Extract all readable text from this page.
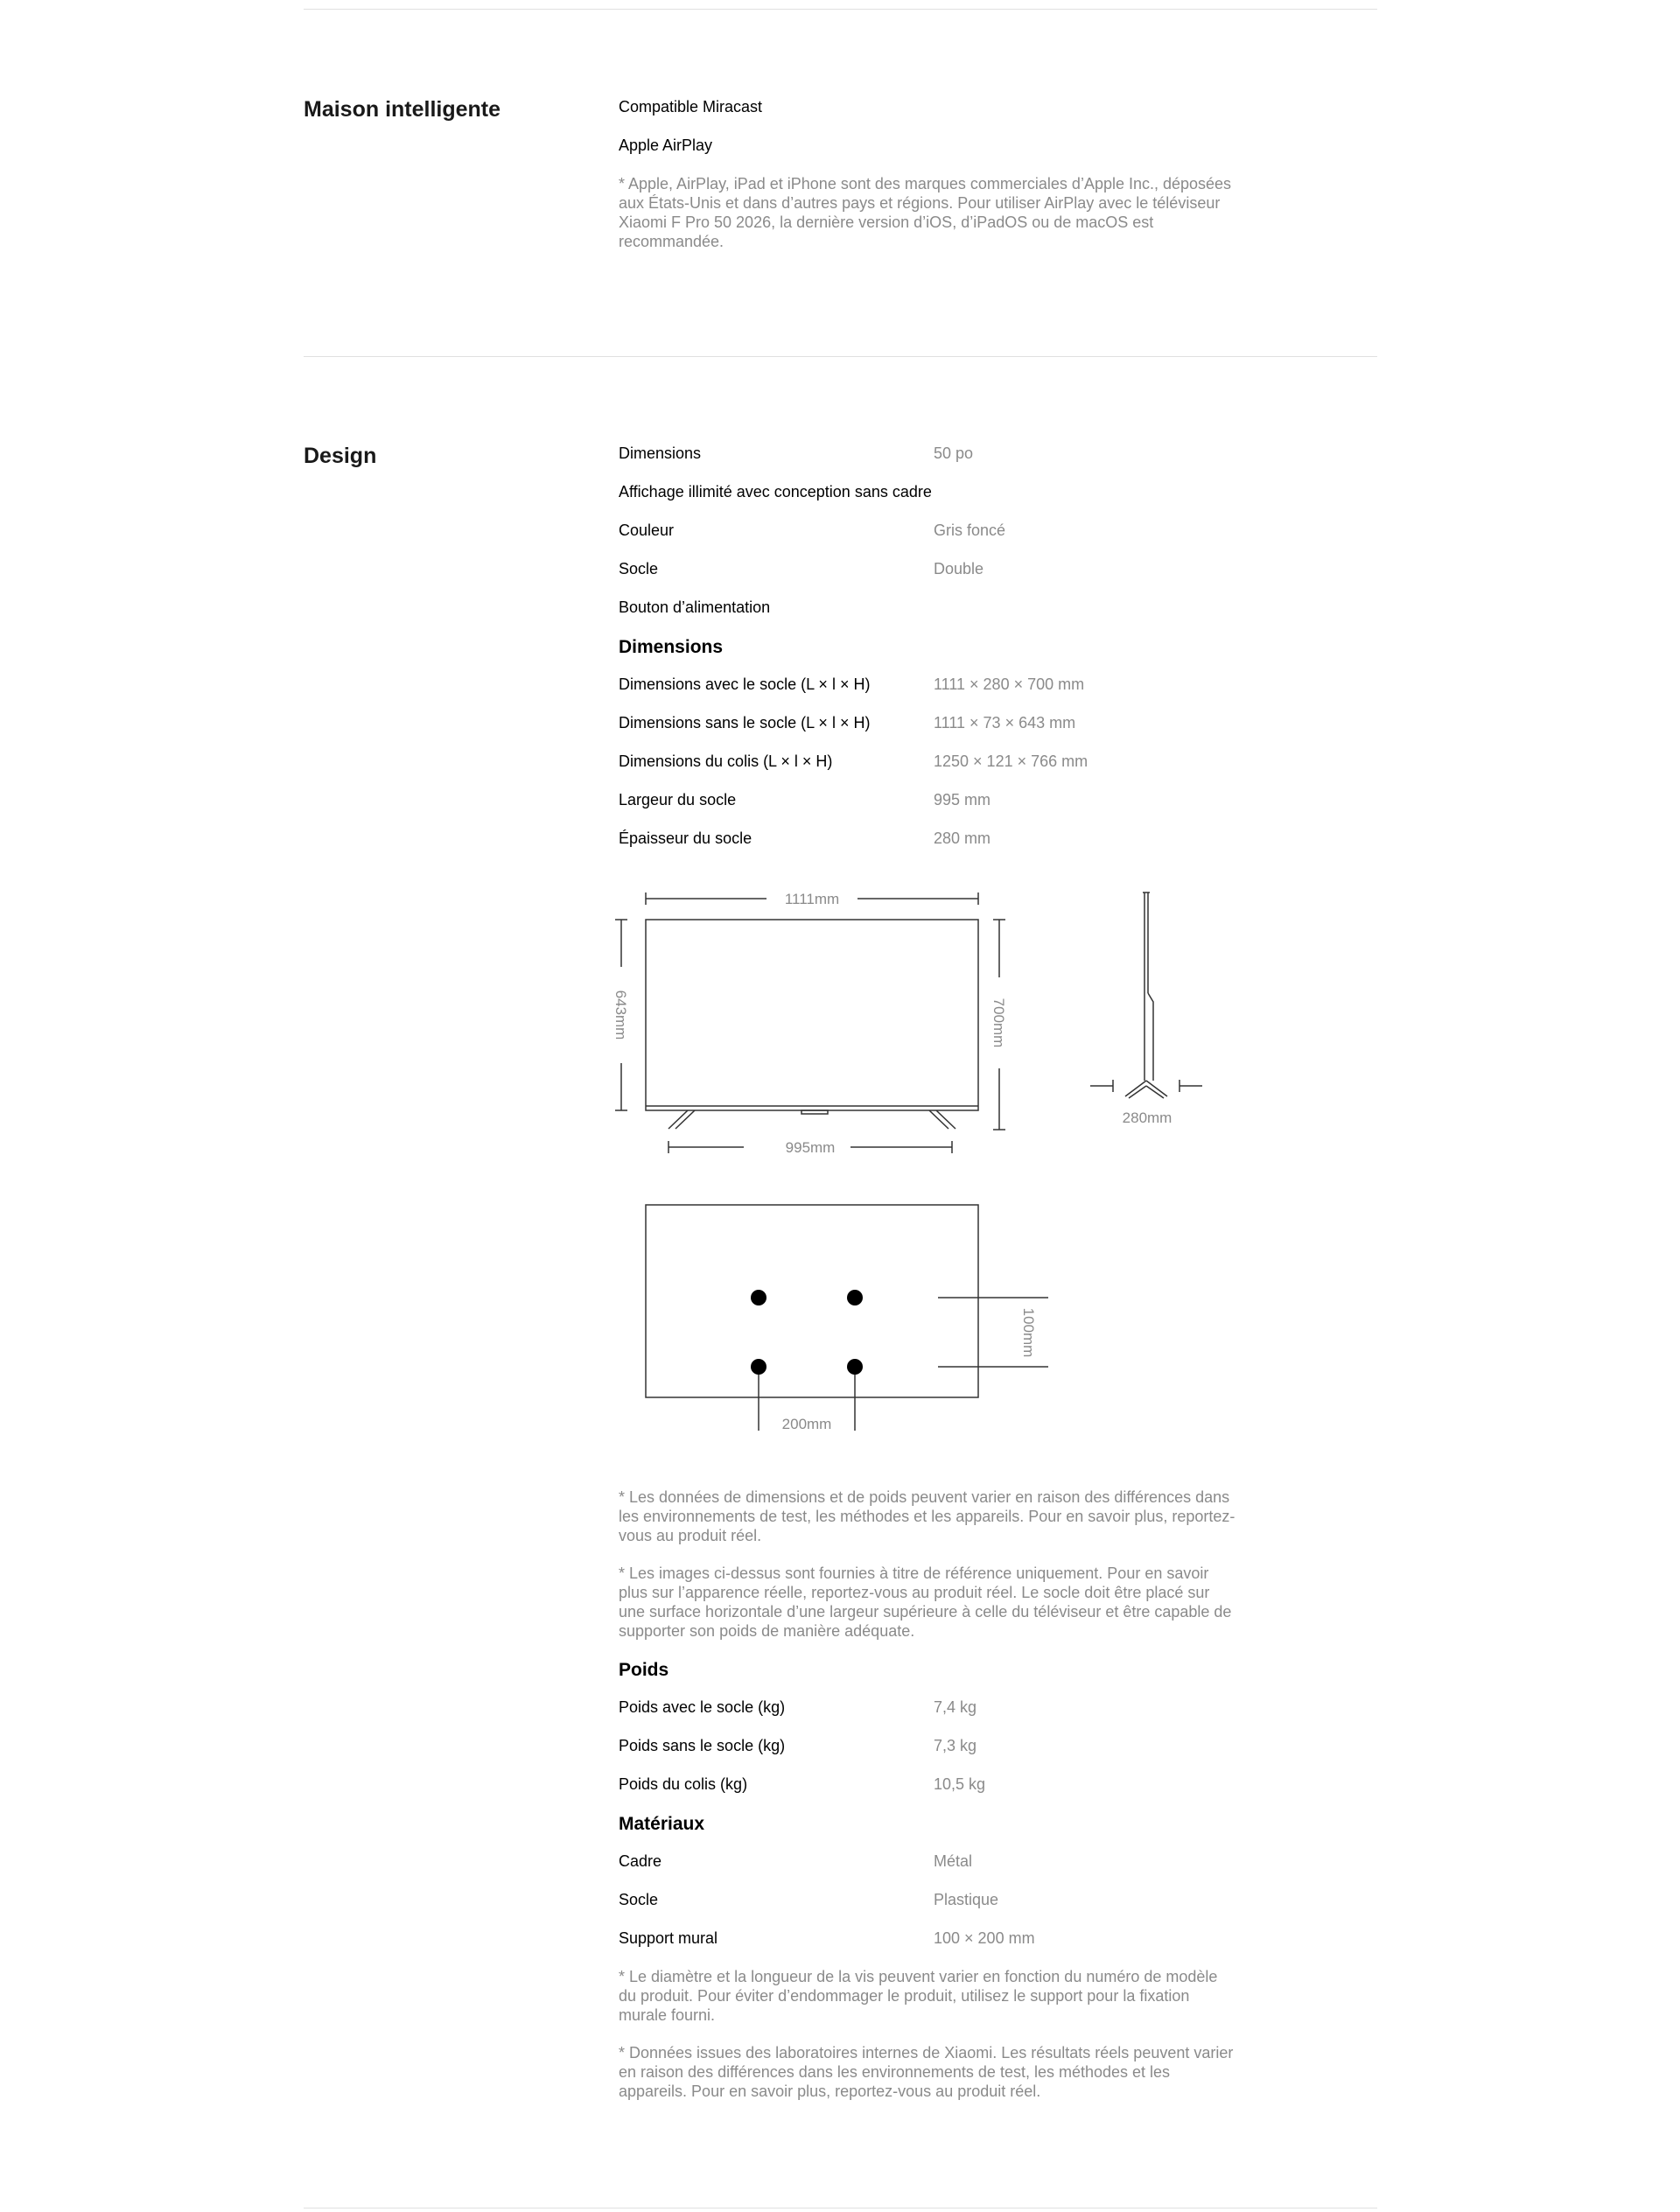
Maison intelligente	Compatible Miracast
Apple AirPlay

* Apple, AirPlay, iPad et iPhone sont des marques commerciales d’Apple Inc., déposées aux États-Unis et dans d’autres pays et régions. Pour utiliser AirPlay avec le téléviseur Xiaomi F Pro 50 2026, la dernière version d’iOS, d’iPadOS ou de macOS est recommandée.

Design	Dimensions	50 po
Affichage illimité avec conception sans cadre
Couleur	Gris foncé
Socle	Double
Bouton d’alimentation
Dimensions
Dimensions avec le socle (L × l × H)	1111 × 280 × 700 mm
Dimensions sans le socle (L × l × H)	1111 × 73 × 643 mm
Dimensions du colis (L × l × H)	1250 × 121 × 766 mm
Largeur du socle	995 mm
Épaisseur du socle	280 mm
1111mm
643mm	700mm
995mm
280mm
200mm
100mm

* Les données de dimensions et de poids peuvent varier en raison des différences dans les environnements de test, les méthodes et les appareils. Pour en savoir plus, reportez-vous au produit réel.

* Les images ci-dessus sont fournies à titre de référence uniquement. Pour en savoir plus sur l’apparence réelle, reportez-vous au produit réel. Le socle doit être placé sur une surface horizontale d’une largeur supérieure à celle du téléviseur et être capable de supporter son poids de manière adéquate.

Poids
Poids avec le socle (kg)	7,4 kg
Poids sans le socle (kg)	7,3 kg
Poids du colis (kg)	10,5 kg
Matériaux
Cadre	Métal
Socle	Plastique
Support mural	100 × 200 mm

* Le diamètre et la longueur de la vis peuvent varier en fonction du numéro de modèle du produit. Pour éviter d’endommager le produit, utilisez le support pour la fixation murale fourni.

* Données issues des laboratoires internes de Xiaomi. Les résultats réels peuvent varier en raison des différences dans les environnements de test, les méthodes et les appareils. Pour en savoir plus, reportez-vous au produit réel.
